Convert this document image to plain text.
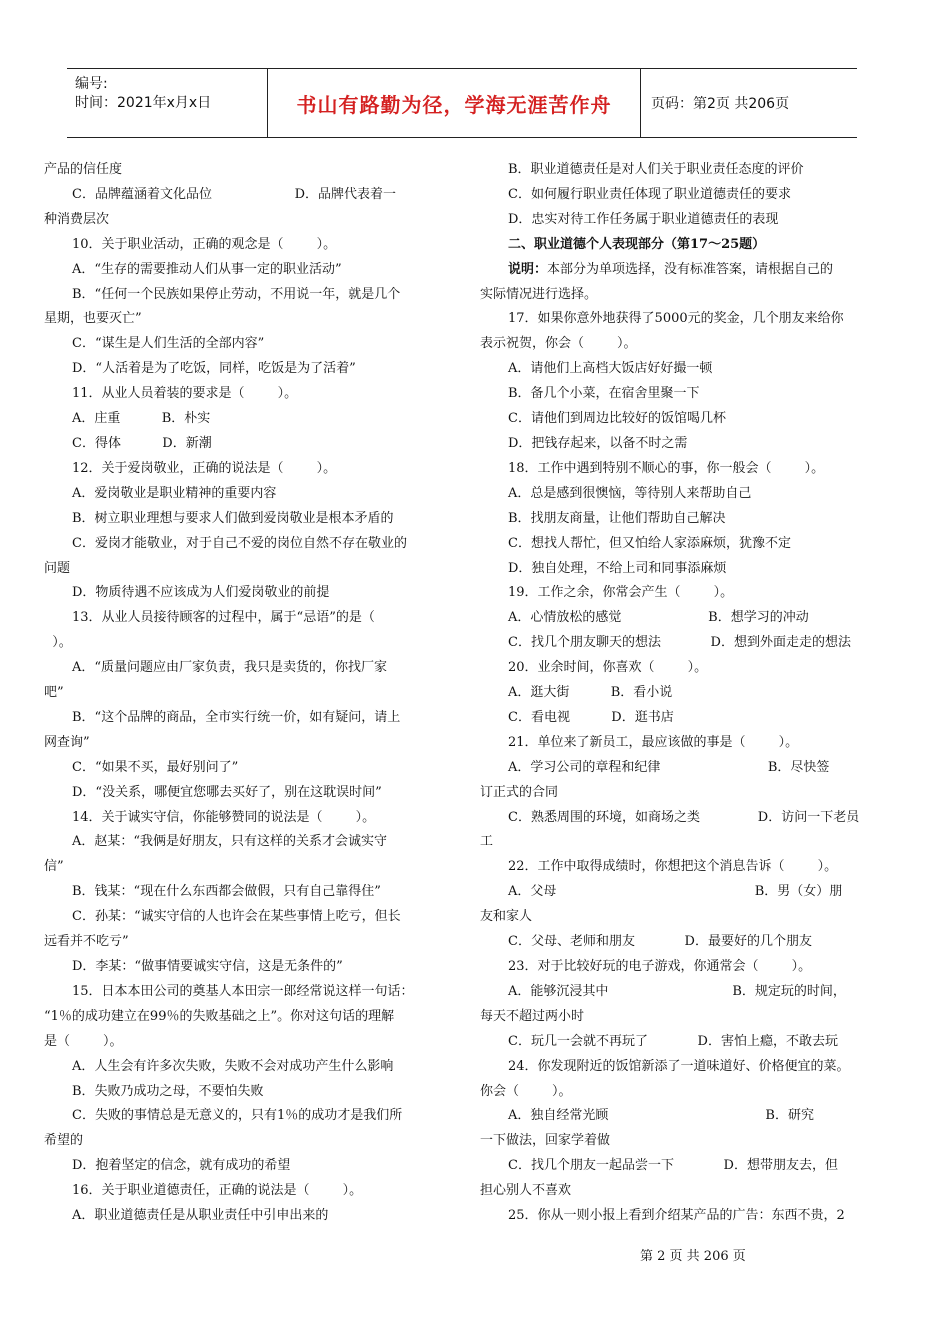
编号:
时间：2021年x月x日	书山有路勤为径，学海无涯苦作舟	页码：第2页 共206页

产品的信任度

C．品牌蕴涵着文化品位                    D．品牌代表着一

种消费层次

10．关于职业活动，正确的观念是（        ）。

A．“生存的需要推动人们从事一定的职业活动”

B．“任何一个民族如果停止劳动，不用说一年，就是几个

星期，也要灭亡”

C．“谋生是人们生活的全部内容”

D．“人活着是为了吃饭，同样，吃饭是为了活着”

11．从业人员着装的要求是（        ）。

A．庄重          B．朴实

C．得体          D．新潮

12．关于爱岗敬业，正确的说法是（        ）。

A．爱岗敬业是职业精神的重要内容

B．树立职业理想与要求人们做到爱岗敬业是根本矛盾的

C．爱岗才能敬业，对于自己不爱的岗位自然不存在敬业的

问题

D．物质待遇不应该成为人们爱岗敬业的前提

13．从业人员接待顾客的过程中，属于“忌语”的是（

）。

A．“质量问题应由厂家负责，我只是卖货的，你找厂家

吧”

B．“这个品牌的商品，全市实行统一价，如有疑问，请上

网查询”

C．“如果不买，最好别问了”

D．“没关系，哪便宜您哪去买好了，别在这耽误时间”

14．关于诚实守信，你能够赞同的说法是（        ）。

A．赵某：“我俩是好朋友，只有这样的关系才会诚实守

信”

B．钱某：“现在什么东西都会做假，只有自己靠得住”

C．孙某：“诚实守信的人也许会在某些事情上吃亏，但长

远看并不吃亏”

D．李某：“做事情要诚实守信，这是无条件的”

15．日本本田公司的奠基人本田宗一郎经常说这样一句话：

“1％的成功建立在99％的失败基础之上”。你对这句话的理解

是（        ）。

A．人生会有许多次失败，失败不会对成功产生什么影响

B．失败乃成功之母，不要怕失败

C．失败的事情总是无意义的，只有1％的成功才是我们所

希望的

D．抱着坚定的信念，就有成功的希望

16．关于职业道德责任，正确的说法是（        ）。

A．职业道德责任是从职业责任中引申出来的

B．职业道德责任是对人们关于职业责任态度的评价

C．如何履行职业责任体现了职业道德责任的要求

D．忠实对待工作任务属于职业道德责任的表现

二、职业道德个人表现部分（第17～25题）

说明：本部分为单项选择，没有标准答案，请根据自己的

实际情况进行选择。

17．如果你意外地获得了5000元的奖金，几个朋友来给你

表示祝贺，你会（        ）。

A．请他们上高档大饭店好好撮一顿

B．备几个小菜，在宿舍里聚一下

C．请他们到周边比较好的饭馆喝几杯

D．把钱存起来，以备不时之需

18．工作中遇到特别不顺心的事，你一般会（        ）。

A．总是感到很懊恼，等待别人来帮助自己

B．找朋友商量，让他们帮助自己解决

C．想找人帮忙，但又怕给人家添麻烦，犹豫不定

D．独自处理，不给上司和同事添麻烦

19．工作之余，你常会产生（        ）。

A．心情放松的感觉                     B．想学习的冲动

C．找几个朋友聊天的想法            D．想到外面走走的想法

20．业余时间，你喜欢（        ）。

A．逛大街          B．看小说

C．看电视          D．逛书店

21．单位来了新员工，最应该做的事是（        ）。

A．学习公司的章程和纪律                          B．尽快签

订正式的合同

C．熟悉周围的环境，如商场之类              D．访问一下老员

工

22．工作中取得成绩时，你想把这个消息告诉（        ）。

A．父母                                                B．男（女）朋

友和家人

C．父母、老师和朋友            D．最要好的几个朋友

23．对于比较好玩的电子游戏，你通常会（        ）。

A．能够沉浸其中                              B．规定玩的时间，

每天不超过两小时

C．玩几一会就不再玩了            D．害怕上瘾，不敢去玩

24．你发现附近的饭馆新添了一道味道好、价格便宜的菜。

你会（        ）。

A．独自经常光顾                                      B．研究

一下做法，回家学着做

C．找几个朋友一起品尝一下            D．想带朋友去，但

担心别人不喜欢

25．你从一则小报上看到介绍某产品的广告：东西不贵，2

第 2 页 共 206 页
